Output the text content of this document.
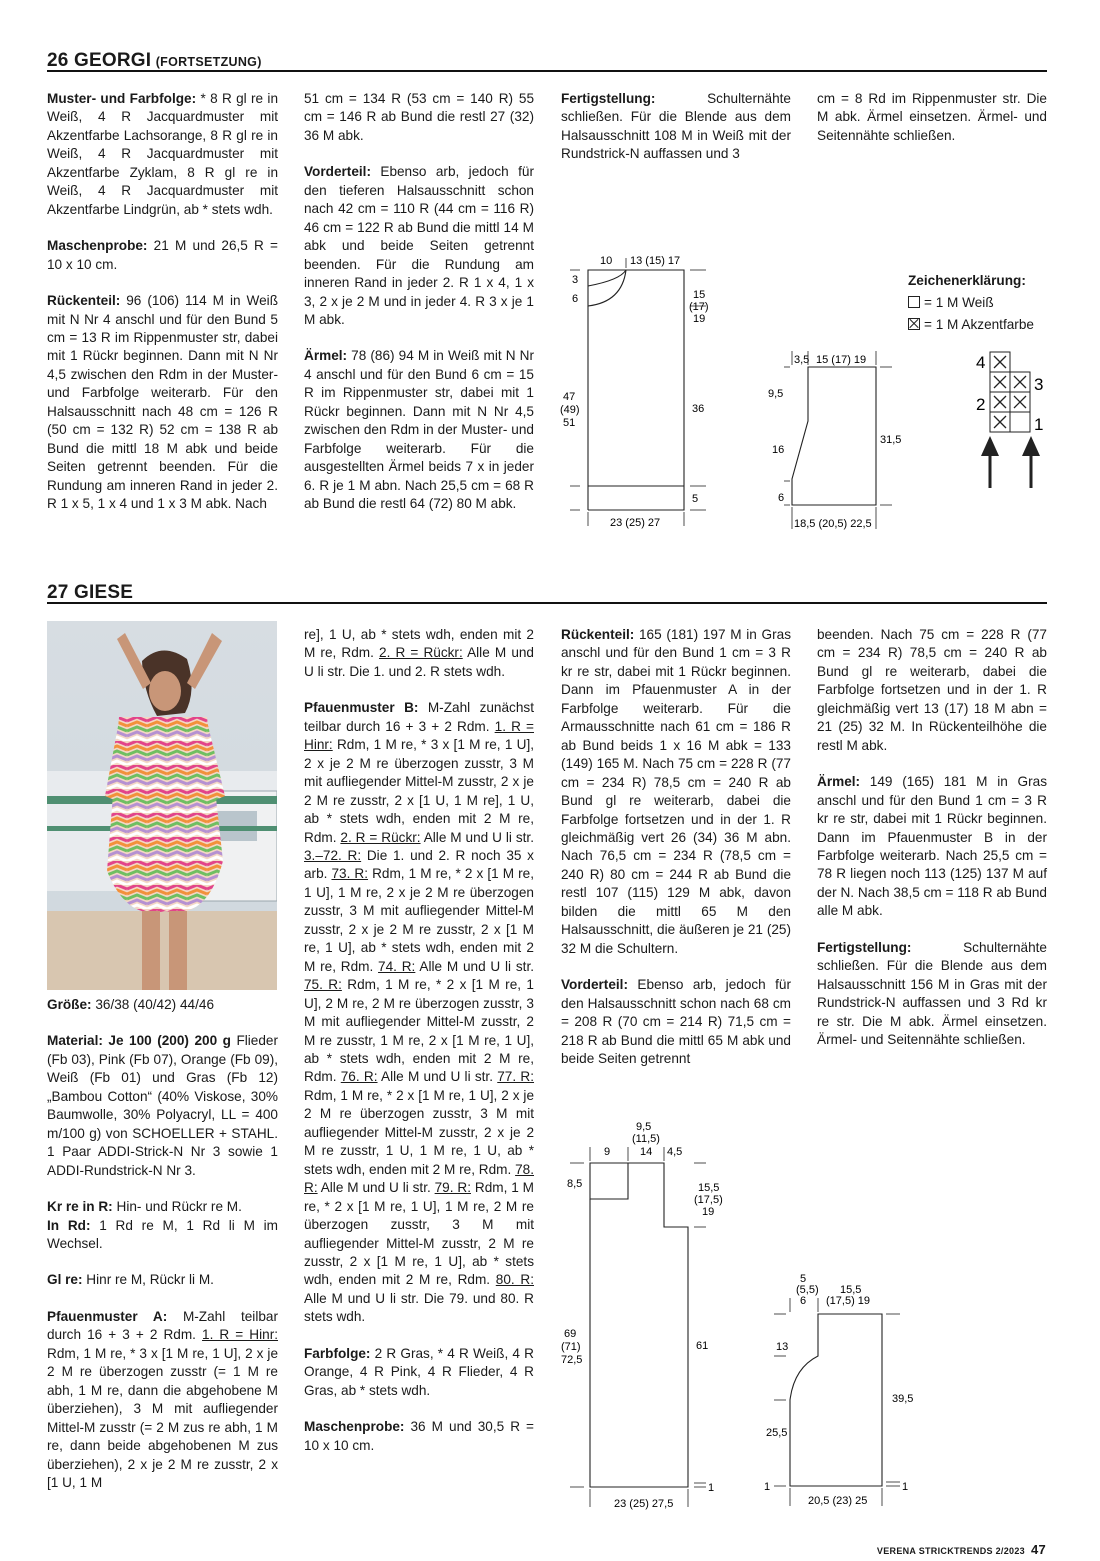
26 GEORGI (FORTSETZUNG)

Muster- und Farbfolge: * 8 R gl re in Weiß, 4 R Jacquardmuster mit Akzentfarbe Lachsorange, 8 R gl re in Weiß, 4 R Jacquardmuster mit Akzentfarbe Zyklam, 8 R gl re in Weiß, 4 R Jacquardmuster mit Akzentfarbe Lindgrün, ab * stets wdh.

Maschenprobe: 21 M und 26,5 R = 10 x 10 cm.

Rückenteil: 96 (106) 114 M in Weiß mit N Nr 4 anschl und für den Bund 5 cm = 13 R im Rippenmuster str, dabei mit 1 Rückr beginnen. Dann mit N Nr 4,5 zwischen den Rdm in der Muster- und Farbfolge weiterarb. Für den Halsausschnitt nach 48 cm = 126 R (50 cm = 132 R) 52 cm = 138 R ab Bund die mittl 18 M abk und beide Seiten getrennt beenden. Für die Rundung am inneren Rand in jeder 2. R 1 x 5, 1 x 4 und 1 x 3 M abk. Nach

51 cm = 134 R (53 cm = 140 R) 55 cm = 146 R ab Bund die restl 27 (32) 36 M abk.

Vorderteil: Ebenso arb, jedoch für den tieferen Halsausschnitt schon nach 42 cm = 110 R (44 cm = 116 R) 46 cm = 122 R ab Bund die mittl 14 M abk und beide Seiten getrennt beenden. Für die Rundung am inneren Rand in jeder 2. R 1 x 4, 1 x 3, 2 x je 2 M und in jeder 4. R 3 x je 1 M abk.

Ärmel: 78 (86) 94 M in Weiß mit N Nr 4 anschl und für den Bund 6 cm = 15 R im Rippenmuster str, dabei mit 1 Rückr beginnen. Dann mit N Nr 4,5 zwischen den Rdm in der Muster- und Farbfolge weiterarb. Für die ausgestellten Ärmel beids 7 x in jeder 6. R je 1 M abn. Nach 25,5 cm = 68 R ab Bund die restl 64 (72) 80 M abk.

Fertigstellung: Schulternähte schließen. Für die Blende aus dem Halsausschnitt 108 M in Weiß mit der Rundstrick-N auffassen und 3

cm = 8 Rd im Rippenmuster str. Die M abk. Ärmel einsetzen. Ärmel- und Seitennähte schließen.

Zeichenerklärung:
= 1 M Weiß
= 1 M Akzentfarbe
4
3
2
1
10 13 (15) 17
3
6	15
(17)
19
47
(49)
51
36
5
23 (25) 27
3,5 15 (17) 19
9,5
16
31,5
6
18,5 (20,5) 22,5
27 GIESE

Größe: 36/38 (40/42) 44/46

Material: Je 100 (200) 200 g Flieder (Fb 03), Pink (Fb 07), Orange (Fb 09), Weiß (Fb 01) und Gras (Fb 12) „Bambou Cotton“ (40% Viskose, 30% Baumwolle, 30% Polyacryl, LL = 400 m/100 g) von SCHOELLER + STAHL. 1 Paar ADDI-Strick-N Nr 3 sowie 1 ADDI-Rundstrick-N Nr 3.

Kr re in R: Hin- und Rückr re M.
In Rd: 1 Rd re M, 1 Rd li M im Wechsel.

Gl re: Hinr re M, Rückr li M.

Pfauenmuster A: M-Zahl teilbar durch 16 + 3 + 2 Rdm. 1. R = Hinr: Rdm, 1 M re, * 3 x [1 M re, 1 U], 2 x je 2 M re überzogen zusstr (= 1 M re abh, 1 M re, dann die abgehobene M überziehen), 3 M mit aufliegender Mittel-M zusstr (= 2 M zus re abh, 1 M re, dann beide abgehobenen M zus überziehen), 2 x je 2 M re zusstr, 2 x [1 U, 1 M

re], 1 U, ab * stets wdh, enden mit 2 M re, Rdm. 2. R = Rückr: Alle M und U li str. Die 1. und 2. R stets wdh.

Pfauenmuster B: M-Zahl zunächst teilbar durch 16 + 3 + 2 Rdm. 1. R = Hinr: Rdm, 1 M re, * 3 x [1 M re, 1 U], 2 x je 2 M re überzogen zusstr, 3 M mit aufliegender Mittel-M zusstr, 2 x je 2 M re zusstr, 2 x [1 U, 1 M re], 1 U, ab * stets wdh, enden mit 2 M re, Rdm. 2. R = Rückr: Alle M und U li str. 3.–72. R: Die 1. und 2. R noch 35 x arb. 73. R: Rdm, 1 M re, * 2 x [1 M re, 1 U], 1 M re, 2 x je 2 M re überzogen zusstr, 3 M mit aufliegender Mittel-M zusstr, 2 x je 2 M re zusstr, 2 x [1 M re, 1 U], ab * stets wdh, enden mit 2 M re, Rdm. 74. R: Alle M und U li str. 75. R: Rdm, 1 M re, * 2 x [1 M re, 1 U], 2 M re, 2 M re überzogen zusstr, 3 M mit aufliegender Mittel-M zusstr, 2 M re zusstr, 1 M re, 2 x [1 M re, 1 U], ab * stets wdh, enden mit 2 M re, Rdm. 76. R: Alle M und U li str. 77. R: Rdm, 1 M re, * 2 x [1 M re, 1 U], 2 x je 2 M re überzogen zusstr, 3 M mit aufliegender Mittel-M zusstr, 2 x je 2 M re zusstr, 1 U, 1 M re, 1 U, ab * stets wdh, enden mit 2 M re, Rdm. 78. R: Alle M und U li str. 79. R: Rdm, 1 M re, * 2 x [1 M re, 1 U], 1 M re, 2 M re überzogen zusstr, 3 M mit aufliegender Mittel-M zusstr, 2 M re zusstr, 2 x [1 M re, 1 U], ab * stets wdh, enden mit 2 M re, Rdm. 80. R: Alle M und U li str. Die 79. und 80. R stets wdh.

Farbfolge: 2 R Gras, * 4 R Weiß, 4 R Orange, 4 R Pink, 4 R Flieder, 4 R Gras, ab * stets wdh.

Maschenprobe: 36 M und 30,5 R = 10 x 10 cm.

Rückenteil: 165 (181) 197 M in Gras anschl und für den Bund 1 cm = 3 R kr re str, dabei mit 1 Rückr beginnen. Dann im Pfauenmuster A in der Farbfolge weiterarb. Für die Armausschnitte nach 61 cm = 186 R ab Bund beids 1 x 16 M abk = 133 (149) 165 M. Nach 75 cm = 228 R (77 cm = 234 R) 78,5 cm = 240 R ab Bund gl re weiterarb, dabei die Farbfolge fortsetzen und in der 1. R gleichmäßig vert 26 (34) 36 M abn. Nach 76,5 cm = 234 R (78,5 cm = 240 R) 80 cm = 244 R ab Bund die restl 107 (115) 129 M abk, davon bilden die mittl 65 M den Halsausschnitt, die äußeren je 21 (25) 32 M die Schultern.

Vorderteil: Ebenso arb, jedoch für den Halsausschnitt schon nach 68 cm = 208 R (70 cm = 214 R) 71,5 cm = 218 R ab Bund die mittl 65 M abk und beide Seiten getrennt

beenden. Nach 75 cm = 228 R (77 cm = 234 R) 78,5 cm = 240 R ab Bund gl re weiterarb, dabei die Farbfolge fortsetzen und in der 1. R gleichmäßig vert 13 (17) 18 M abn = 21 (25) 32 M. In Rückenteilhöhe die restl M abk.

Ärmel: 149 (165) 181 M in Gras anschl und für den Bund 1 cm = 3 R kr re str, dabei mit 1 Rückr beginnen. Dann im Pfauenmuster B in der Farbfolge weiterarb. Nach 25,5 cm = 78 R liegen noch 113 (125) 137 M auf der N. Nach 38,5 cm = 118 R ab Bund alle M abk.

Fertigstellung: Schulternähte schließen. Für die Blende aus dem Halsausschnitt 156 M in Gras mit der Rundstrick-N auffassen und 3 Rd kr re str. Die M abk. Ärmel einsetzen. Ärmel- und Seitennähte schließen.

9,5
(11,5)
9	14 4,5
8,5	15,5
(17,5)
19
69
(71)
72,5
61
1
23 (25) 27,5
5
(5,5)
6
15,5
(17,5) 19
13
25,5
39,5
1	1
20,5 (23) 25
VERENA STRICKTRENDS 2/2023 47
